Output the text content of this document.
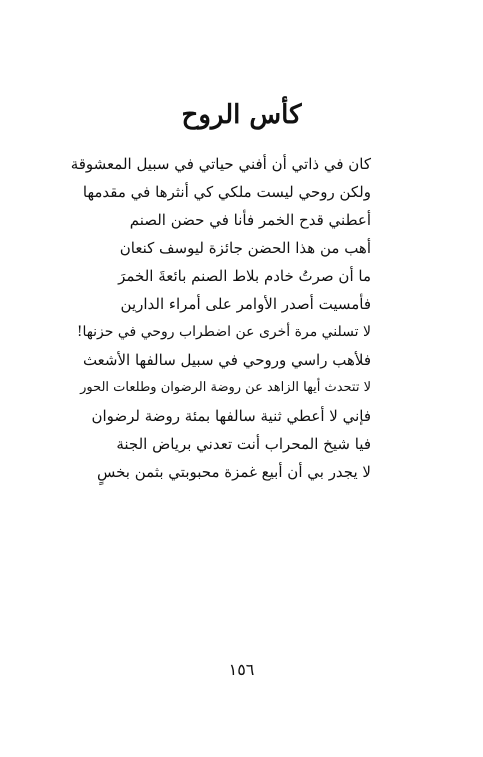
كأس الروح
كان في ذاتي أن أفني حياتي في سبيل المعشوقة
ولكن روحي ليست ملكي كي أنثرها في مقدمها
أعطني قدح الخمر فأنا في حضن الصنم
أهب من هذا الحضن جائزة ليوسف كنعان
ما أن صرتُ خادم بلاط الصنم بائعةَ الخمرَ
فأمسيت أصدر الأوامر على أمراء الدارين
لا تسلني مرة أخرى عن اضطراب روحي في حزنها!
فلأهب راسي وروحي في سبيل سالفها الأشعث
لا تتحدث أيها الزاهد عن روضة الرضوان وطلعات الحور
فإني لا أعطي ثنية سالفها بمئة روضة لرضوان
فيا شيخ المحراب أنت تعدني برياض الجنة
لا يجدر بي أن أبيع غمزة محبوبتي بثمن بخسٍ
١٥٦
